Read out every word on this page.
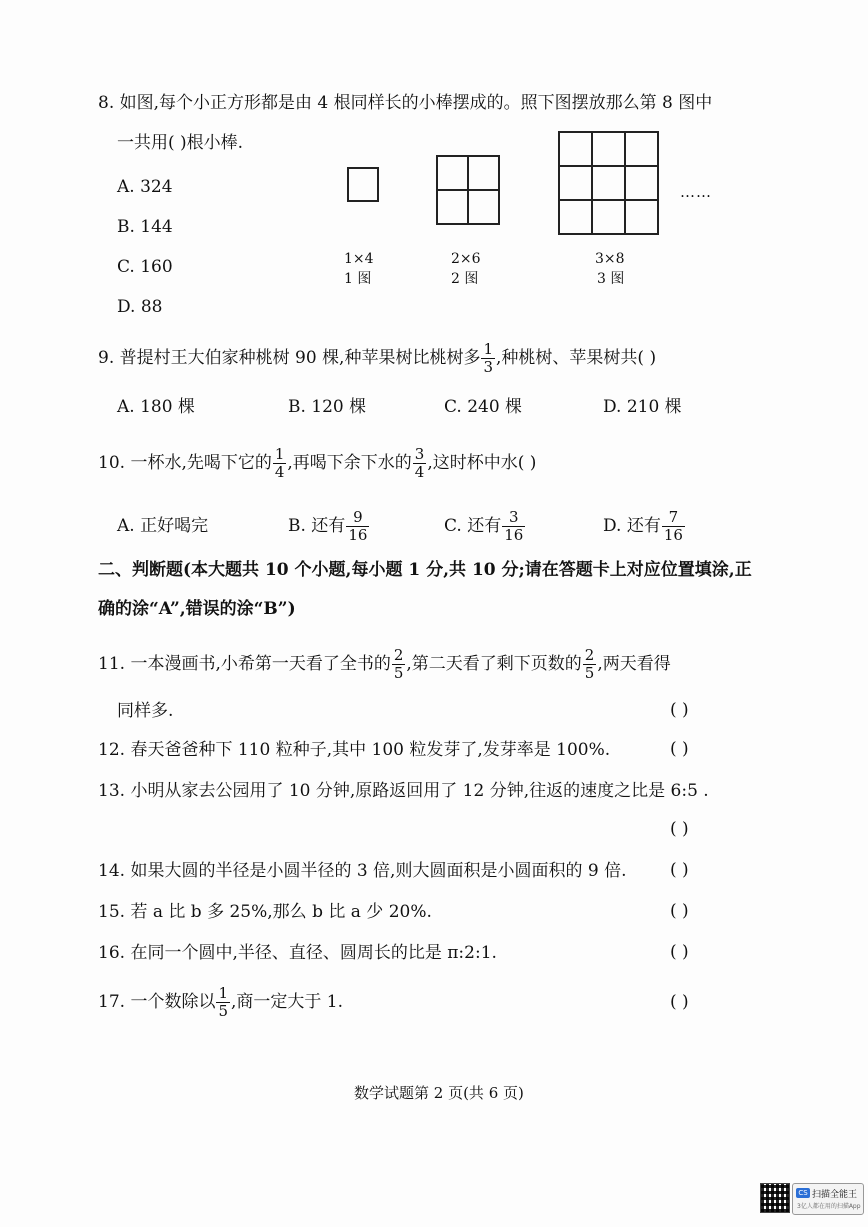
8. 如图,每个小正方形都是由 4 根同样长的小棒摆成的。照下图摆放那么第 8 图中
一共用( )根小棒.
A. 324
B. 144
C. 160
D. 88
……
1×4
1 图
2×6
2 图
3×8
3 图
9. 普提村王大伯家种桃树 90 棵,种苹果树比桃树多 $\frac{1}{3}$ ,种桃树、苹果树共( )
A. 180 棵	B. 120 棵	C. 240 棵	D. 210 棵
10. 一杯水,先喝下它的 $\frac{1}{4}$ ,再喝下余下水的 $\frac{3}{4}$ ,这时杯中水( )
A. 正好喝完	B. 还有 $\frac{9}{16}$	C. 还有 $\frac{3}{16}$	D. 还有 $\frac{7}{16}$
二、判断题(本大题共 10 个小题,每小题 1 分,共 10 分;请在答题卡上对应位置填涂,正
确的涂“A”,错误的涂“B”)
11. 一本漫画书,小希第一天看了全书的 $\frac{2}{5}$ ,第二天看了剩下页数的 $\frac{2}{5}$ ,两天看得
同样多.	( )
12. 春天爸爸种下 110 粒种子,其中 100 粒发芽了,发芽率是 100%.	( )
13. 小明从家去公园用了 10 分钟,原路返回用了 12 分钟,往返的速度之比是 6:5 .
( )
14. 如果大圆的半径是小圆半径的 3 倍,则大圆面积是小圆面积的 9 倍.	( )
15. 若 a 比 b 多 25%,那么 b 比 a 少 20%.	( )
16. 在同一个圆中,半径、直径、圆周长的比是 π:2:1.	( )
17. 一个数除以 $\frac{1}{5}$ ,商一定大于 1.	( )
数学试题第 2 页(共 6 页)
CS 扫描全能王
3亿人都在用的扫描App
